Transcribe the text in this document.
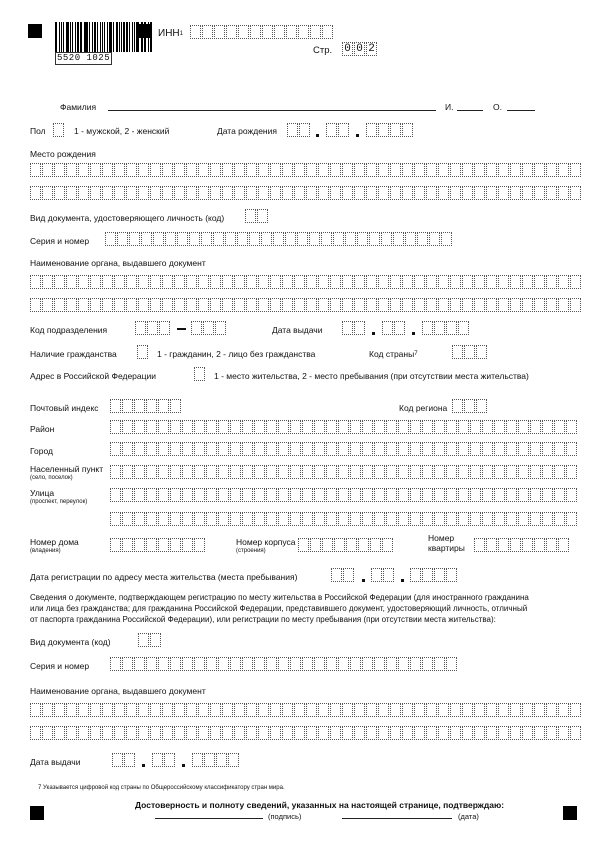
5520 1025
ИНН$^1$
Стр. 0 0 2
Фамилия	И.	О.
Пол	1 - мужской, 2 - женский	Дата рождения
Место рождения
Вид документа, удостоверяющего личность (код)
Серия и номер
Наименование органа, выдавшего документ
Код подразделения	Дата выдачи
Наличие гражданства	1 - гражданин, 2 - лицо без гражданства	Код страны$^7$
Адрес в Российской Федерации	1 - место жительства, 2 - место пребывания (при отсутствии места жительства)
Почтовый индекс	Код региона
Район
Город
Населенный пункт
(село, поселок)
Улица
(проспект, переулок)
Номер дома
(владения)
Номер корпуса
(строения)
Номер
квартиры
Дата регистрации по адресу места жительства (места пребывания)
Сведения о документе, подтверждающем регистрацию по месту жительства в Российской Федерации (для иностранного гражданина
или лица без гражданства; для гражданина Российской Федерации, представившего документ, удостоверяющий личность, отличный
от паспорта гражданина Российской Федерации), или регистрации по месту пребывания (при отсутствии места жительства):
Вид документа (код)
Серия и номер
Наименование органа, выдавшего документ
Дата выдачи
7 Указывается цифровой код страны по Общероссийскому классификатору стран мира.
Достоверность и полноту сведений, указанных на настоящей странице, подтверждаю:
(подпись)	(дата)
